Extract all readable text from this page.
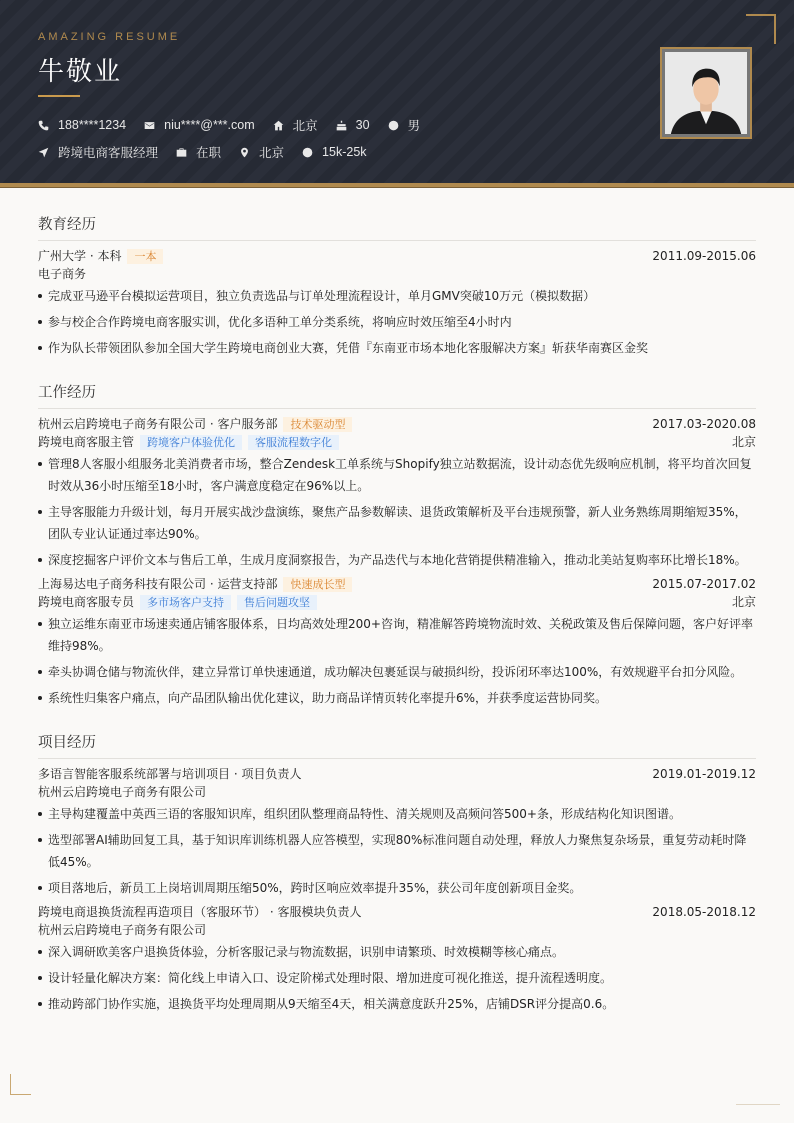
AMAZING RESUME
牛敬业
188****1234	niu****@***.com	北京	30	男
跨境电商客服经理	在职	北京	15k-25k
教育经历
广州大学 · 本科	一本	2011.09-2015.06
电子商务
完成亚马逊平台模拟运营项目，独立负责选品与订单处理流程设计，单月GMV突破10万元（模拟数据）
参与校企合作跨境电商客服实训，优化多语种工单分类系统，将响应时效压缩至4小时内
作为队长带领团队参加全国大学生跨境电商创业大赛，凭借『东南亚市场本地化客服解决方案』斩获华南赛区金奖
工作经历
杭州云启跨境电子商务有限公司 · 客户服务部	技术驱动型	2017.03-2020.08
跨境电商客服主管	跨境客户体验优化	客服流程数字化	北京
管理8人客服小组服务北美消费者市场，整合Zendesk工单系统与Shopify独立站数据流，设计动态优先级响应机制，将平均首次回复时效从36小时压缩至18小时，客户满意度稳定在96%以上。
主导客服能力升级计划，每月开展实战沙盘演练，聚焦产品参数解读、退货政策解析及平台违规预警，新人业务熟练周期缩短35%，团队专业认证通过率达90%。
深度挖掘客户评价文本与售后工单，生成月度洞察报告，为产品迭代与本地化营销提供精准输入，推动北美站复购率环比增长18%。
上海易达电子商务科技有限公司 · 运营支持部	快速成长型	2015.07-2017.02
跨境电商客服专员	多市场客户支持	售后问题攻坚	北京
独立运维东南亚市场速卖通店铺客服体系，日均高效处理200+咨询，精准解答跨境物流时效、关税政策及售后保障问题，客户好评率维持98%。
牵头协调仓储与物流伙伴，建立异常订单快速通道，成功解决包裹延误与破损纠纷，投诉闭环率达100%，有效规避平台扣分风险。
系统性归集客户痛点，向产品团队输出优化建议，助力商品详情页转化率提升6%，并获季度运营协同奖。
项目经历
多语言智能客服系统部署与培训项目 · 项目负责人	2019.01-2019.12
杭州云启跨境电子商务有限公司
主导构建覆盖中英西三语的客服知识库，组织团队整理商品特性、清关规则及高频问答500+条，形成结构化知识图谱。
选型部署AI辅助回复工具，基于知识库训练机器人应答模型，实现80%标准问题自动处理，释放人力聚焦复杂场景，重复劳动耗时降低45%。
项目落地后，新员工上岗培训周期压缩50%，跨时区响应效率提升35%，获公司年度创新项目金奖。
跨境电商退换货流程再造项目（客服环节） · 客服模块负责人	2018.05-2018.12
杭州云启跨境电子商务有限公司
深入调研欧美客户退换货体验，分析客服记录与物流数据，识别申请繁琐、时效模糊等核心痛点。
设计轻量化解决方案：简化线上申请入口、设定阶梯式处理时限、增加进度可视化推送，提升流程透明度。
推动跨部门协作实施，退换货平均处理周期从9天缩至4天，相关满意度跃升25%，店铺DSR评分提高0.6。
